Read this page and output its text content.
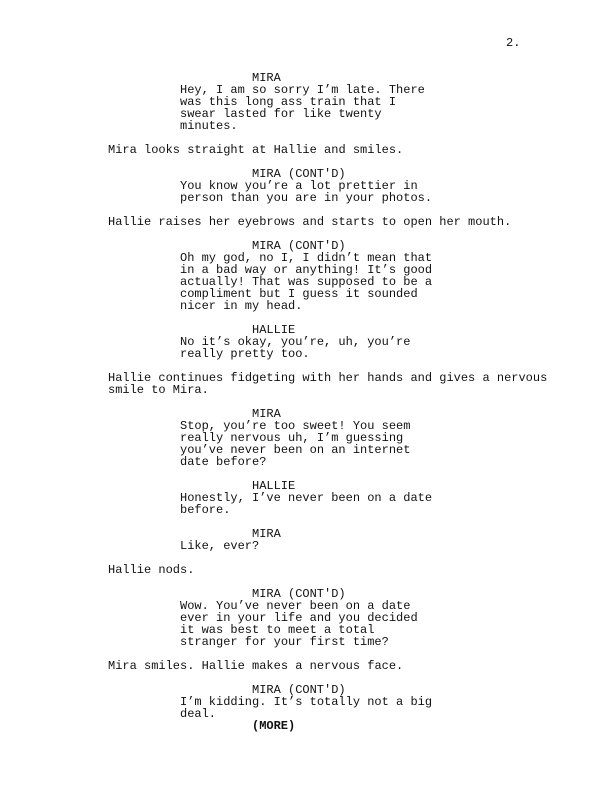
2.
MIRA
Hey, I am so sorry I’m late. There
was this long ass train that I
swear lasted for like twenty
minutes.
Mira looks straight at Hallie and smiles.
MIRA (CONT'D)
You know you’re a lot prettier in
person than you are in your photos.
Hallie raises her eyebrows and starts to open her mouth.
MIRA (CONT'D)
Oh my god, no I, I didn’t mean that
in a bad way or anything! It’s good
actually! That was supposed to be a
compliment but I guess it sounded
nicer in my head.
HALLIE
No it’s okay, you’re, uh, you’re
really pretty too.
Hallie continues fidgeting with her hands and gives a nervous
smile to Mira.
MIRA
Stop, you’re too sweet! You seem
really nervous uh, I’m guessing
you’ve never been on an internet
date before?
HALLIE
Honestly, I’ve never been on a date
before.
MIRA
Like, ever?
Hallie nods.
MIRA (CONT'D)
Wow. You’ve never been on a date
ever in your life and you decided
it was best to meet a total
stranger for your first time?
Mira smiles. Hallie makes a nervous face.
MIRA (CONT'D)
I’m kidding. It’s totally not a big
deal.
(MORE)
